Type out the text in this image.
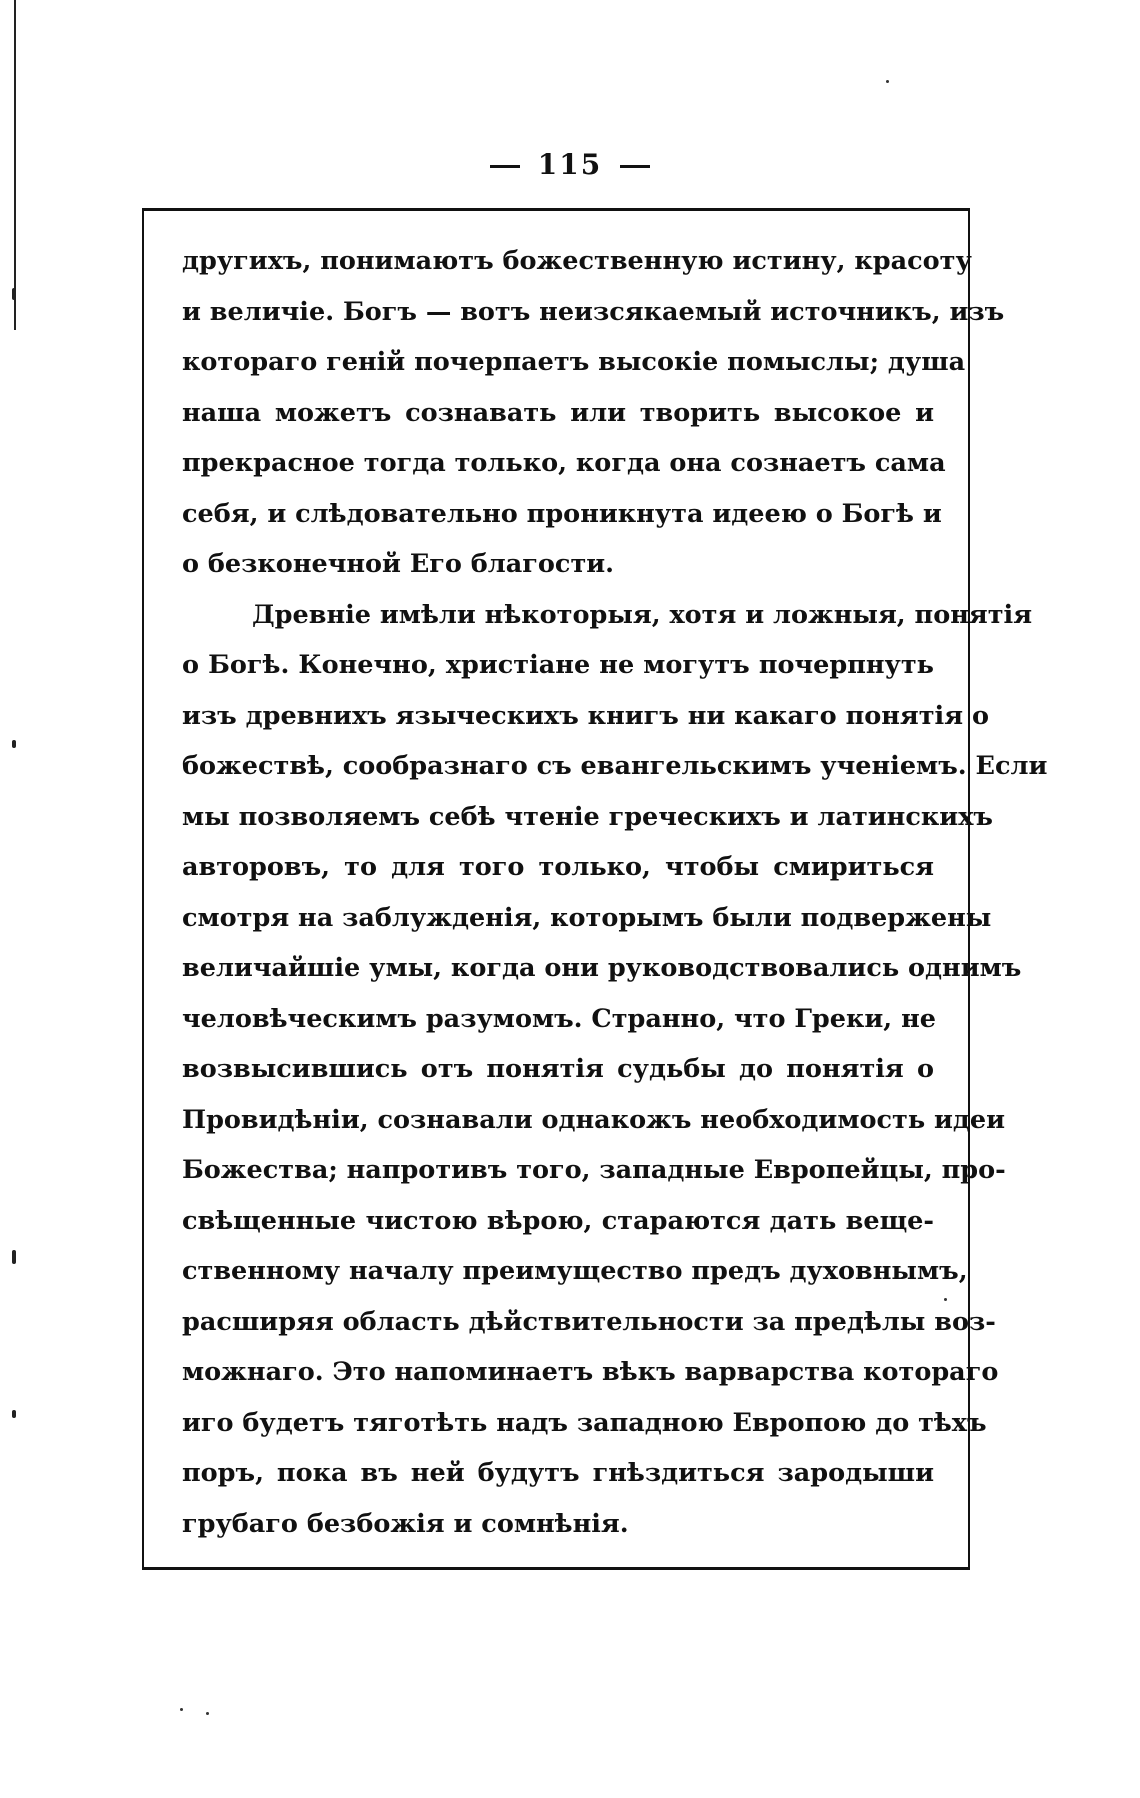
115
другихъ, понимаютъ божественную истину, красоту
и величіе. Богъ — вотъ неизсякаемый источникъ, изъ
котораго геній почерпаетъ высокіе помыслы; душа
наша можетъ сознавать или творить высокое и
прекрасное тогда только, когда она сознаетъ сама
себя, и слѣдовательно проникнута идеею о Богѣ и
о безконечной Его благости.
Древніе имѣли нѣкоторыя, хотя и ложныя, понятія
о Богѣ. Конечно, христіане не могутъ почерпнуть
изъ древнихъ языческихъ книгъ ни какаго понятія о
божествѣ, сообразнаго съ евангельскимъ ученіемъ. Если
мы позволяемъ себѣ чтеніе греческихъ и латинскихъ
авторовъ, то для того только, чтобы смириться
смотря на заблужденія, которымъ были подвержены
величайшіе умы, когда они руководствовались однимъ
человѣческимъ разумомъ. Странно, что Греки, не
возвысившись отъ понятія судьбы до понятія о
Провидѣніи, сознавали однакожъ необходимость идеи
Божества; напротивъ того, западные Европейцы, про-
свѣщенные чистою вѣрою, стараются дать веще-
ственному началу преимущество предъ духовнымъ,
расширяя область дѣйствительности за предѣлы воз-
можнаго. Это напоминаетъ вѣкъ варварства котораго
иго будетъ тяготѣть надъ западною Европою до тѣхъ
поръ, пока въ ней будутъ гнѣздиться зародыши
грубаго безбожія и сомнѣнія.
